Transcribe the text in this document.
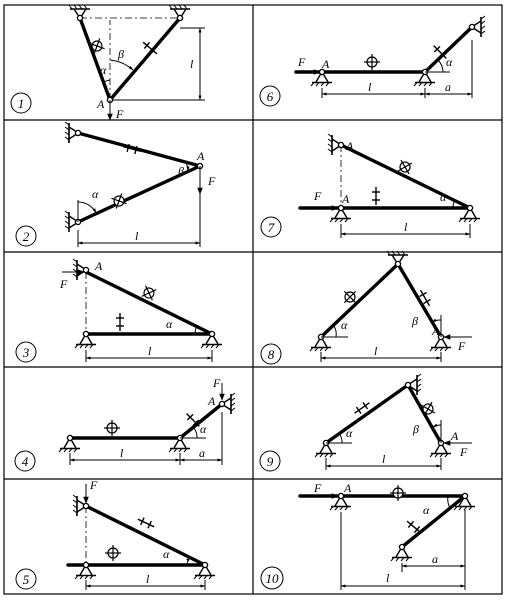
A
F
α
β
l
1
F A	α
l	a
6
A
F
α
β
l
2
A
F A	α
l
7
A
F
α
l
3
A
F
α	β
l
8
A
F
α
l	a
4
A
F
α	β
l
9
F
α
l
5
F A
α
l
a
10
